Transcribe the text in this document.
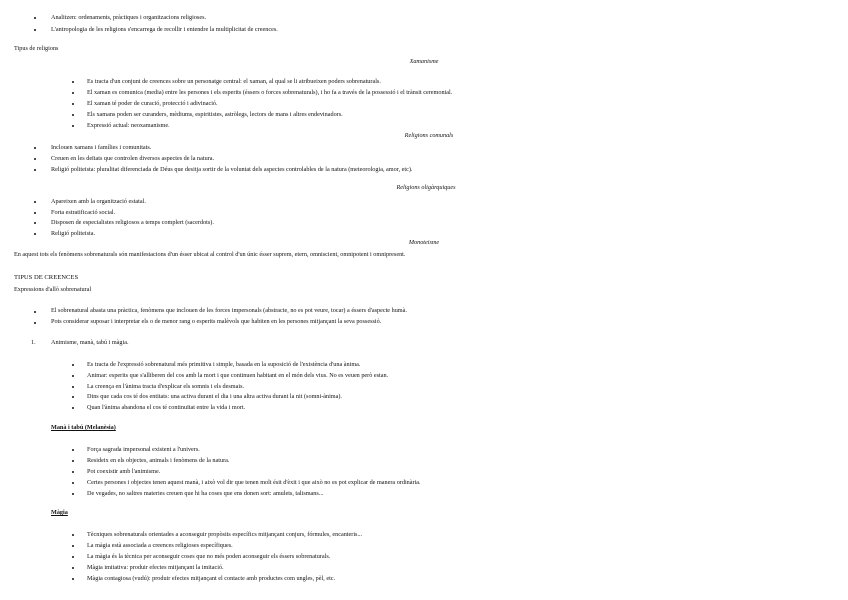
Analitzen: ordenaments, pràctiques i organitzacions religioses.
L'antropologia de les religions s'encarrega de recollir i entendre la multiplicitat de creences.
Tipus de religions
Xamanisme
Es tracta d'un conjunt de creences sobre un personatge central: el xaman, al qual se li atribueixen poders sobrenaturals.
El xaman es comunica (media) entre les persones i els esperits (éssers o forces sobrenaturals), i ho fa a través de la possessió i el trànsit ceremonial.
El xaman té poder de curació, protecció i adivinació.
Els xamans poden ser curanders, mèdiums, espiritistes, astròlegs, lectors de mans i altres endevinadors.
Expressió actual: neoxamanisme.
Religions comunals
Inclouen xamans i famílies i comunitats.
Creuen en les deïtats que controlen diversos aspectes de la natura.
Religió politeista: pluralitat diferenciada de Déus que desitja sortir de la voluntat dels aspectes controlables de la natura (meteorologia, amor, etc).
Religions oligàrquiques
Apareixen amb la organització estatal.
Forta estratificació social.
Disposen de especialistes religiosos a temps complert (sacerdots).
Religió politeista.
Monoteisme
En aquest tots els fenòmens sobrenaturals són manifestacions d'un ésser ubicat al control d'un únic ésser suprem, etern, omniscient, omnipotent i omnipresent.
TIPUS DE CREENCES
Expressions d'allò sobrenatural
El sobrenatural abasta una pràctica, fenòmens que inclouen de les forces impersonals (abstracte, no es pot veure, tocar) a éssers d'aspecte humà.
Pots considerar suposar i interpretar els o de menor rang o esperits malèvols que habiten en les persones mitjançant la seva possessió.
1. Animisme, manà, tabú i màgia.
Es tracta de l'expressió sobrenatural més primitiva i simple, basada en la suposició de l'existència d'una ànima.
Animar: esperits que s'alliberen del cos amb la mort i que continuen habitant en el món dels vius. No es veuen però estan.
La creença en l'ànima tracta d'explicar els somnis i els desmais.
Dins que cada cos té dos entitats: una activa durant el dia i una altra activa durant la nit (somni-ànima).
Quan l'ànima abandona el cos té continuïtat entre la vida i mort.
Manà i tabú (Melanèsia)
Força sagrada impersonal existent a l'univers.
Resideix en els objectes, animals i fenòmens de la natura.
Pot coexistir amb l'animisme.
Certes persones i objectes tenen aquest manà, i això vol dir que tenen molt ésit d'èxit i que això no es pot explicar de manera ordinària.
De vegades, no saltres materies creuen que hi ha coses que ens donen sort: amulets, talismans...
Màgia
Tècniques sobrenaturals orientades a aconseguir propòsits específics mitjançant conjurs, fórmules, encanteris...
La màgia està associada a creences religioses específiques.
La màgia és la tècnica per aconseguir coses que no més poden aconseguir els éssers sobrenaturals.
Màgia imitativa: produir efectes mitjançant la imitació.
Màgia contagiosa (vudú): produir efectes mitjançant el contacte amb productes com ungles, pèl, etc.
